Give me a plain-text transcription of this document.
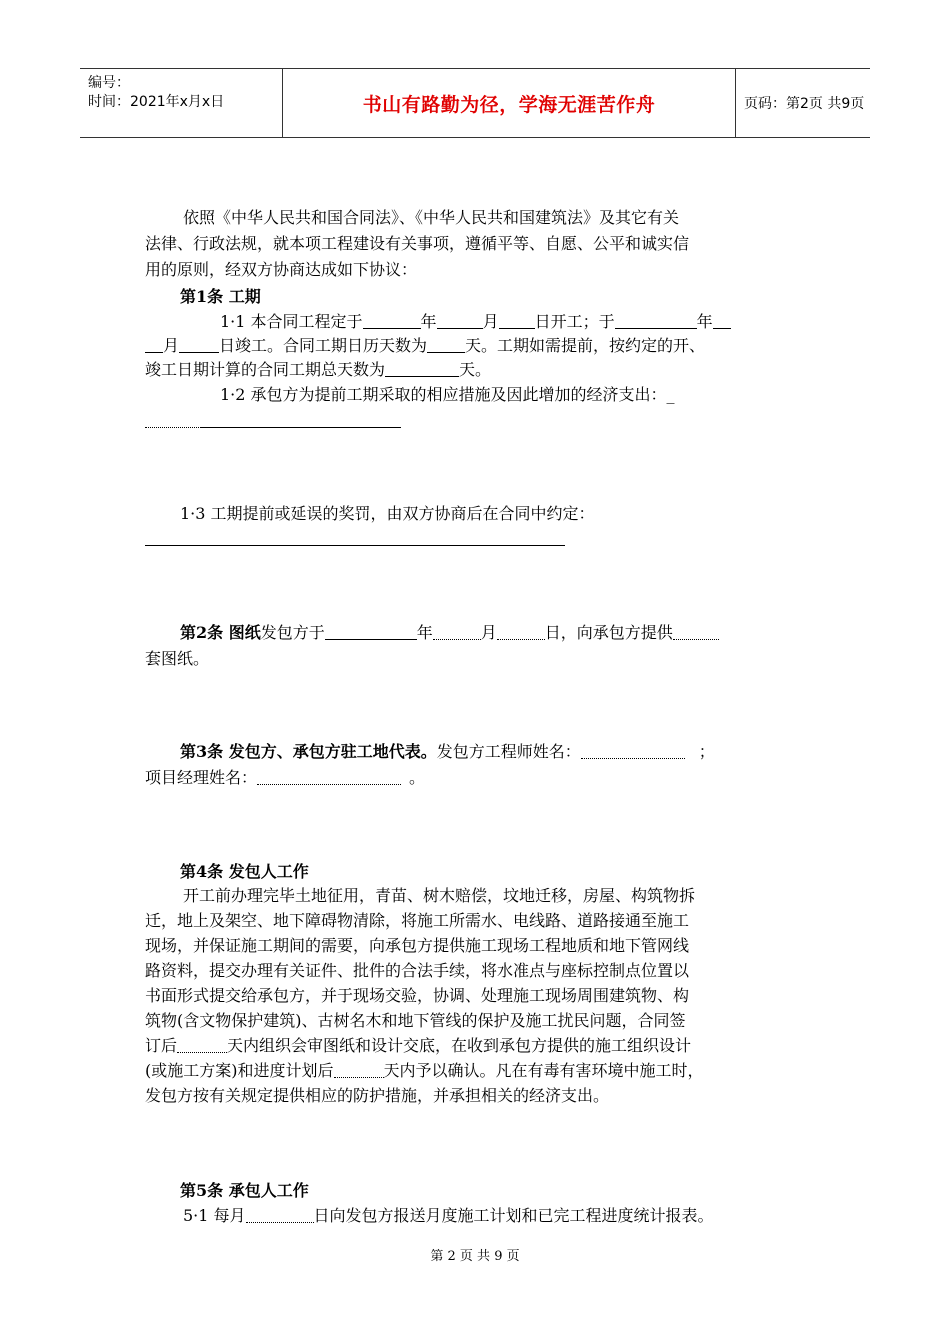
编号：
时间：2021年x月x日	书山有路勤为径，学海无涯苦作舟	页码：第2页 共9页
依照《中华人民共和国合同法》、《中华人民共和国建筑法》及其它有关
法律、行政法规，就本项工程建设有关事项，遵循平等、自愿、公平和诚实信
用的原则，经双方协商达成如下协议：
第1条 工期
1·1 本合同工程定于	年	月 日开工；于	年
月	日竣工。合同工期日历天数为 天。工期如需提前，按约定的开、
竣工日期计算的合同工期总天数为	天。
1·2 承包方为提前工期采取的相应措施及因此增加的经济支出：_
1·3 工期提前或延误的奖罚，由双方协商后在合同中约定：
第2条 图纸发包方于	年	月	日，向承包方提供
套图纸。
第3条 发包方、承包方驻工地代表。发包方工程师姓名：	；
项目经理姓名：	。
第4条 发包人工作
开工前办理完毕土地征用，青苗、树木赔偿，坟地迁移，房屋、构筑物拆
迁，地上及架空、地下障碍物清除，将施工所需水、电线路、道路接通至施工
现场，并保证施工期间的需要，向承包方提供施工现场工程地质和地下管网线
路资料，提交办理有关证件、批件的合法手续，将水准点与座标控制点位置以
书面形式提交给承包方，并于现场交验，协调、处理施工现场周围建筑物、构
筑物(含文物保护建筑)、古树名木和地下管线的保护及施工扰民问题，合同签
订后	天内组织会审图纸和设计交底，在收到承包方提供的施工组织设计
(或施工方案)和进度计划后	天内予以确认。凡在有毒有害环境中施工时，
发包方按有关规定提供相应的防护措施，并承担相关的经济支出。
第5条 承包人工作
5·1 每月	日向发包方报送月度施工计划和已完工程进度统计报表。
第 2 页 共 9 页
